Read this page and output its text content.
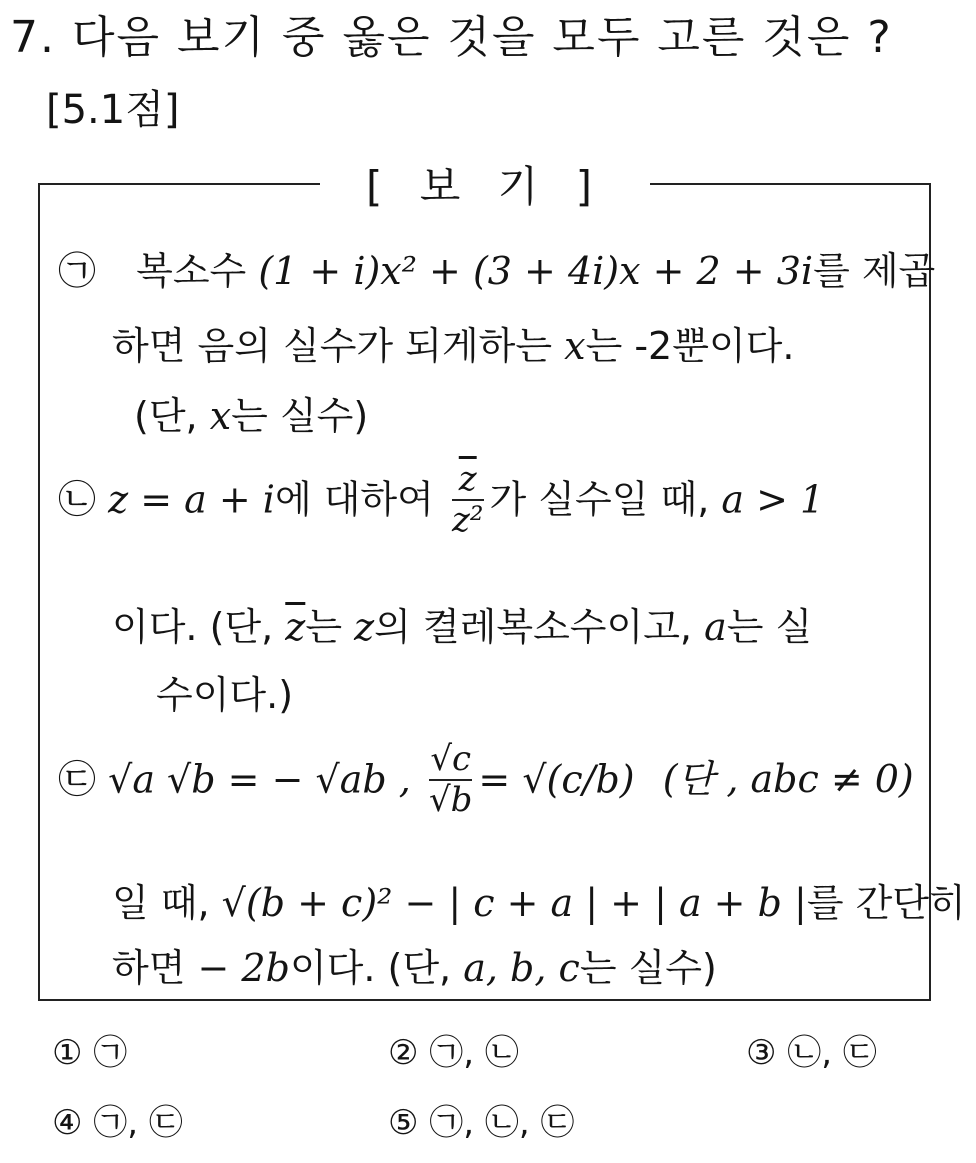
7. 다음 보기 중 옳은 것을 모두 고른 것은 ?
[5.1점]
[ 보 기 ]
㉠ 복소수 (1 + i)x² + (3 + 4i)x + 2 + 3i를 제곱
하면 음의 실수가 되게하는 x는 -2뿐이다.
(단, x는 실수)
㉡ z = a + i에 대하여 $\frac{\overline{z}}{\text{z²}}$ 가 실수일 때, a > 1
이다. (단, $\overline{z}$는 z의 켤레복소수이고, a는 실
수이다.)
㉢ √a √b = − √ab , $\frac{√c}{√b} = √(c/b)$ (단 , abc ≠ 0)
일 때, √(b + c)² − | c + a | + | a + b |를 간단히
하면 − 2b이다. (단, a, b, c는 실수)
① ㉠	② ㉠, ㉡	③ ㉡, ㉢
④ ㉠, ㉢	⑤ ㉠, ㉡, ㉢
